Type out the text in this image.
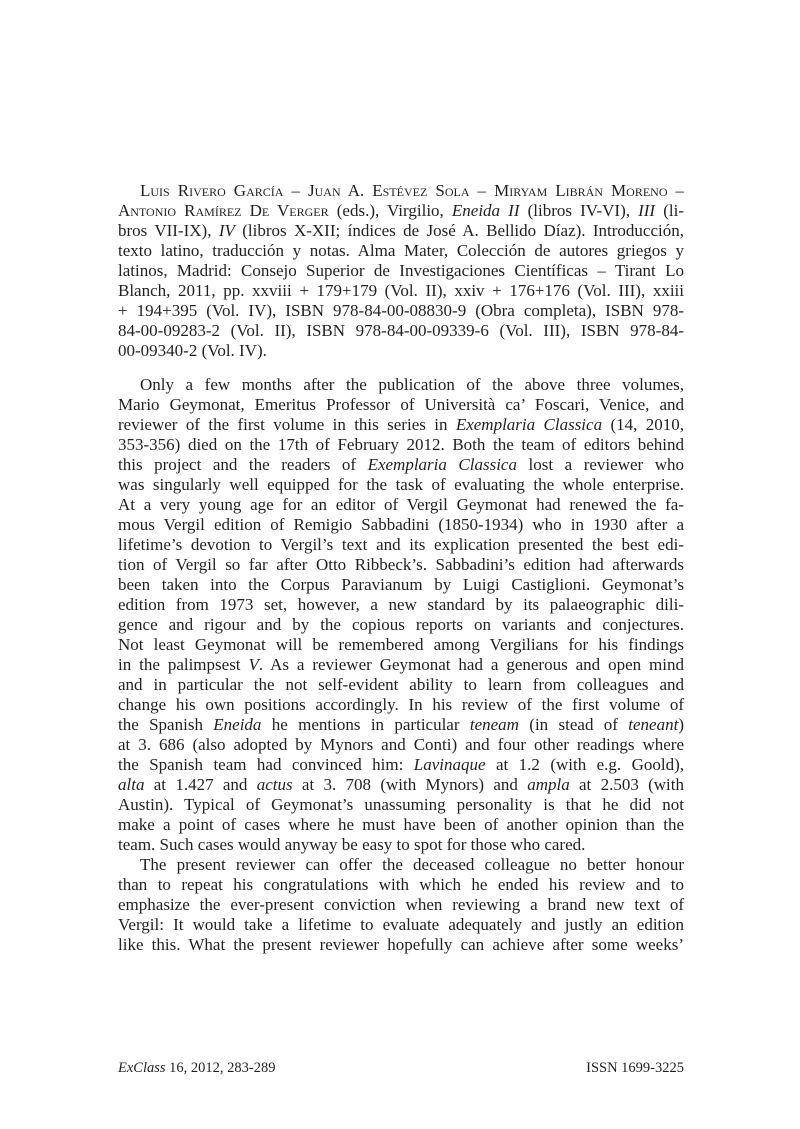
Luis Rivero García – Juan A. Estévez Sola – Miryam Librán Moreno –
Antonio Ramírez De Verger (eds.), Virgilio, Eneida II (libros IV-VI), III (li-
bros VII-IX), IV (libros X-XII; índices de José A. Bellido Díaz). Introducción,
texto latino, traducción y notas. Alma Mater, Colección de autores griegos y
latinos, Madrid: Consejo Superior de Investigaciones Científicas – Tirant Lo
Blanch, 2011, pp. xxviii + 179+179 (Vol. II), xxiv + 176+176 (Vol. III), xxiii
+ 194+395 (Vol. IV), ISBN 978-84-00-08830-9 (Obra completa), ISBN 978-
84-00-09283-2 (Vol. II), ISBN 978-84-00-09339-6 (Vol. III), ISBN 978-84-
00-09340-2 (Vol. IV).
Only a few months after the publication of the above three volumes,
Mario Geymonat, Emeritus Professor of Università ca’ Foscari, Venice, and
reviewer of the first volume in this series in Exemplaria Classica (14, 2010,
353-356) died on the 17th of February 2012. Both the team of editors behind
this project and the readers of Exemplaria Classica lost a reviewer who
was singularly well equipped for the task of evaluating the whole enterprise.
At a very young age for an editor of Vergil Geymonat had renewed the fa-
mous Vergil edition of Remigio Sabbadini (1850-1934) who in 1930 after a
lifetime’s devotion to Vergil’s text and its explication presented the best edi-
tion of Vergil so far after Otto Ribbeck’s. Sabbadini’s edition had afterwards
been taken into the Corpus Paravianum by Luigi Castiglioni. Geymonat’s
edition from 1973 set, however, a new standard by its palaeographic dili-
gence and rigour and by the copious reports on variants and conjectures.
Not least Geymonat will be remembered among Vergilians for his findings
in the palimpsest V. As a reviewer Geymonat had a generous and open mind
and in particular the not self-evident ability to learn from colleagues and
change his own positions accordingly. In his review of the first volume of
the Spanish Eneida he mentions in particular teneam (in stead of teneant)
at 3. 686 (also adopted by Mynors and Conti) and four other readings where
the Spanish team had convinced him: Lavinaque at 1.2 (with e.g. Goold),
alta at 1.427 and actus at 3. 708 (with Mynors) and ampla at 2.503 (with
Austin). Typical of Geymonat’s unassuming personality is that he did not
make a point of cases where he must have been of another opinion than the
team. Such cases would anyway be easy to spot for those who cared.
The present reviewer can offer the deceased colleague no better honour
than to repeat his congratulations with which he ended his review and to
emphasize the ever-present conviction when reviewing a brand new text of
Vergil: It would take a lifetime to evaluate adequately and justly an edition
like this. What the present reviewer hopefully can achieve after some weeks’
ExClass 16, 2012, 283-289	ISSN 1699-3225
